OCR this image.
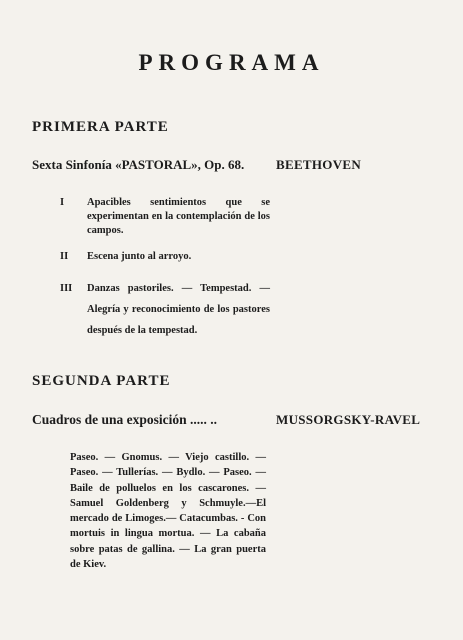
PROGRAMA
PRIMERA PARTE
Sexta Sinfonía «PASTORAL», Op. 68. BEETHOVEN
I	Apacibles sentimientos que se experimentan en la contemplación de los campos.
II	Escena junto al arroyo.
III	Danzas pastoriles. — Tempestad. — Alegría y reconocimiento de los pastores después de la tempestad.
SEGUNDA PARTE
Cuadros de una exposición ..... ..	MUSSORGSKY-RAVEL
Paseo. — Gnomus. — Viejo castillo. — Paseo. — Tullerías. — Bydlo. — Paseo. — Baile de polluelos en los cascarones. — Samuel Goldenberg y Schmuyle.—El mercado de Limoges.— Catacumbas. - Con mortuis in lingua mortua. — La cabaña sobre patas de gallina. — La gran puerta de Kiev.
